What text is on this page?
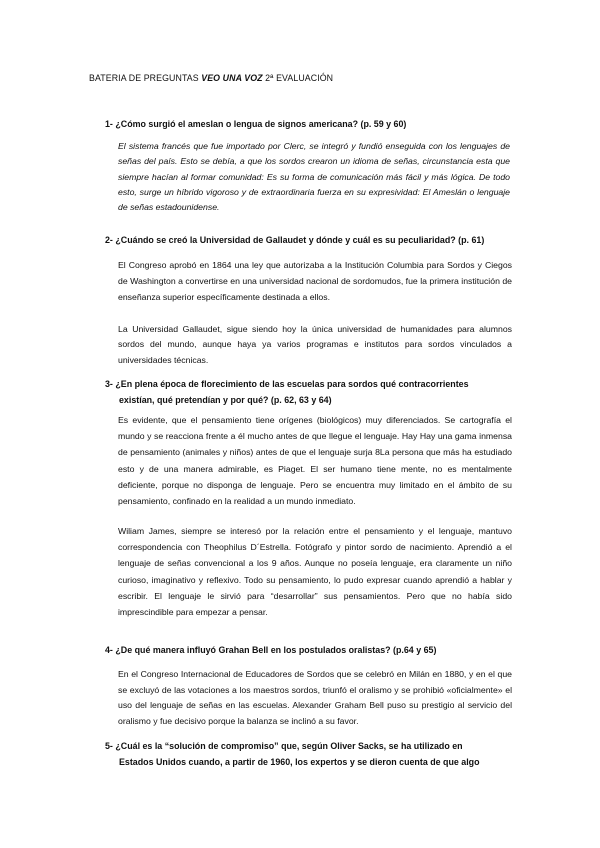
BATERIA DE PREGUNTAS VEO UNA VOZ 2ª EVALUACIÓN
1- ¿Cómo surgió el ameslan o lengua de signos americana? (p. 59 y 60)
El sistema francés que fue importado por Clerc, se integró y fundió enseguida con los lenguajes de señas del país. Esto se debía, a que los sordos crearon un idioma de señas, circunstancia esta que siempre hacían al formar comunidad: Es su forma de comunicación más fácil y más lógica. De todo esto, surge un híbrido vigoroso y de extraordinaria fuerza en su expresividad: El Ameslán o lenguaje de señas estadounidense.
2- ¿Cuándo se creó la Universidad de Gallaudet y dónde y cuál es su peculiaridad? (p. 61)
El Congreso aprobó en 1864 una ley que autorizaba a la Institución Columbia para Sordos y Ciegos de Washington a convertirse en una universidad nacional de sordomudos, fue la primera institución de enseñanza superior específicamente destinada a ellos.
La Universidad Gallaudet, sigue siendo hoy la única universidad de humanidades para alumnos sordos del mundo, aunque haya ya varios programas e institutos para sordos vinculados a universidades técnicas.
3- ¿En plena época de florecimiento de las escuelas para sordos qué contracorrientes
existían, qué pretendían y por qué? (p. 62, 63 y 64)
Es evidente, que el pensamiento tiene orígenes (biológicos) muy diferenciados. Se cartografía el mundo y se reacciona frente a él mucho antes de que llegue el lenguaje. Hay Hay una gama inmensa de pensamiento (animales y niños) antes de que el lenguaje surja 8La persona que más ha estudiado esto y de una manera admirable, es Piaget. El ser humano tiene mente, no es mentalmente deficiente, porque no disponga de lenguaje. Pero se encuentra muy limitado en el ámbito de su pensamiento, confinado en la realidad a un mundo inmediato.
Wiliam James, siempre se interesó por la relación entre el pensamiento y el lenguaje, mantuvo correspondencia con Theophilus D´Estrella. Fotógrafo y pintor sordo de nacimiento. Aprendió a el lenguaje de señas convencional a los 9 años. Aunque no poseía lenguaje, era claramente un niño curioso, imaginativo y reflexivo. Todo su pensamiento, lo pudo expresar cuando aprendió a hablar y escribir. El lenguaje le sirvió para “desarrollar” sus pensamientos. Pero que no había sido imprescindible para empezar a pensar.
4- ¿De qué manera influyó Grahan Bell en los postulados oralistas? (p.64 y 65)
En el Congreso Internacional de Educadores de Sordos que se celebró en Milán en 1880, y en el que se excluyó de las votaciones a los maestros sordos, triunfó el oralismo y se prohibió «oficialmente» el uso del lenguaje de señas en las escuelas. Alexander Graham Bell puso su prestigio al servicio del oralismo y fue decisivo porque la balanza se inclinó a su favor.
5- ¿Cuál es la “solución de compromiso” que, según Oliver Sacks, se ha utilizado en
Estados Unidos cuando, a partir de 1960, los expertos y se dieron cuenta de que algo
